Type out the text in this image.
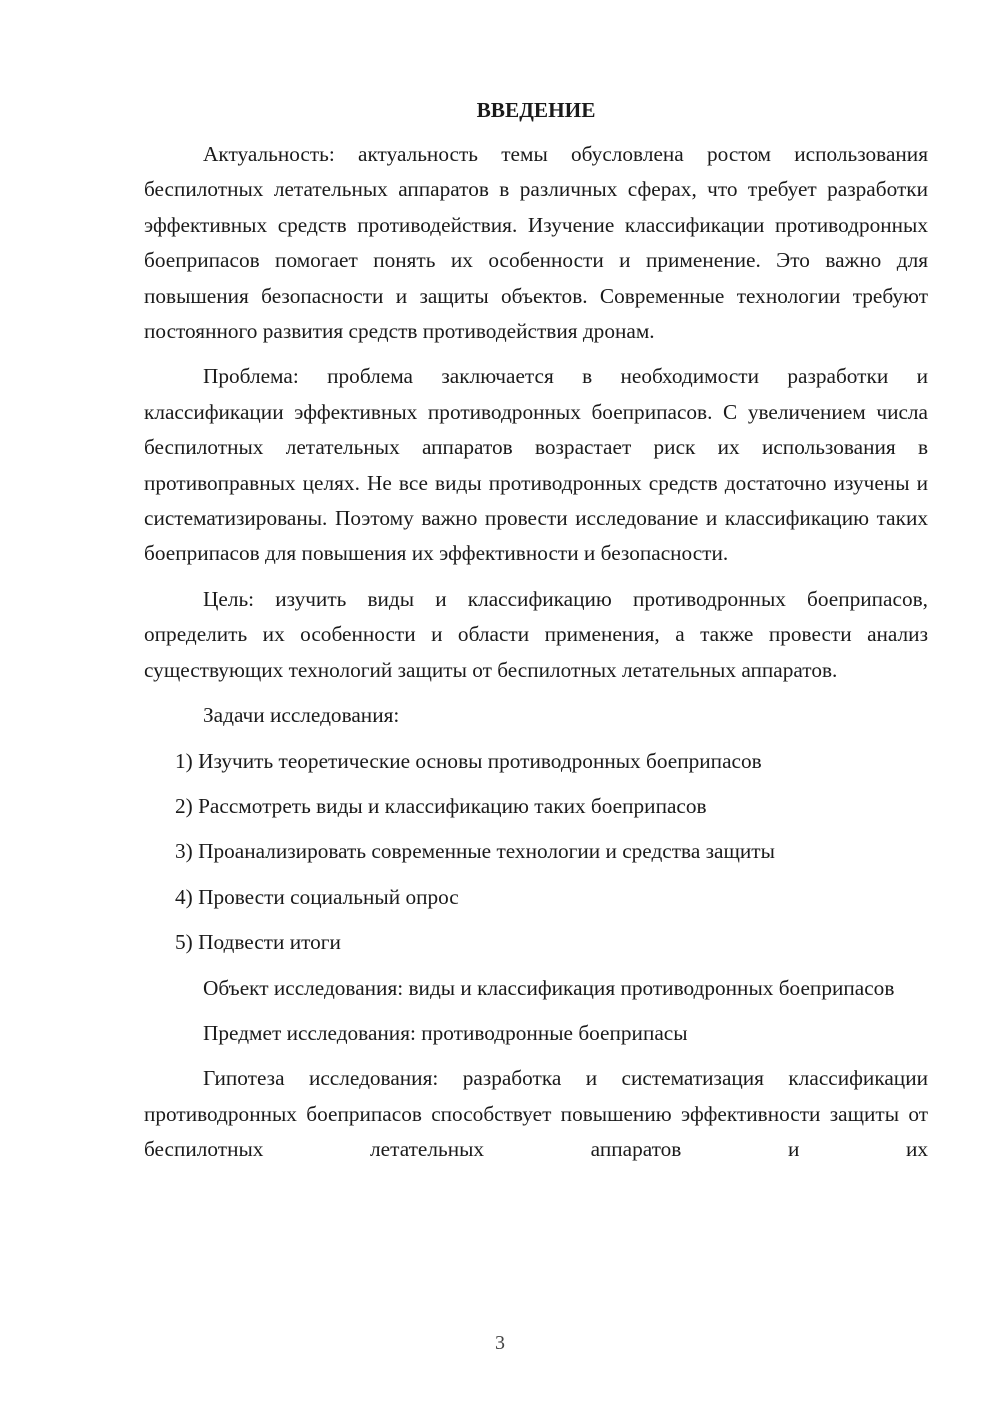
ВВЕДЕНИЕ

Актуальность: актуальность темы обусловлена ростом использования беспилотных летательных аппаратов в различных сферах, что требует разработки эффективных средств противодействия. Изучение классификации противодронных боеприпасов помогает понять их особенности и применение. Это важно для повышения безопасности и защиты объектов. Современные технологии требуют постоянного развития средств противодействия дронам.

Проблема: проблема заключается в необходимости разработки и классификации эффективных противодронных боеприпасов. С увеличением числа беспилотных летательных аппаратов возрастает риск их использования в противоправных целях. Не все виды противодронных средств достаточно изучены и систематизированы. Поэтому важно провести исследование и классификацию таких боеприпасов для повышения их эффективности и безопасности.

Цель: изучить виды и классификацию противодронных боеприпасов, определить их особенности и области применения, а также провести анализ существующих технологий защиты от беспилотных летательных аппаратов.

Задачи исследования:

1) Изучить теоретические основы противодронных боеприпасов
2) Рассмотреть виды и классификацию таких боеприпасов
3) Проанализировать современные технологии и средства защиты
4) Провести социальный опрос
5) Подвести итоги

Объект исследования: виды и классификация противодронных боеприпасов

Предмет исследования: противодронные боеприпасы

Гипотеза исследования: разработка и систематизация классификации противодронных боеприпасов способствует повышению эффективности защиты от беспилотных летательных аппаратов и их

3
